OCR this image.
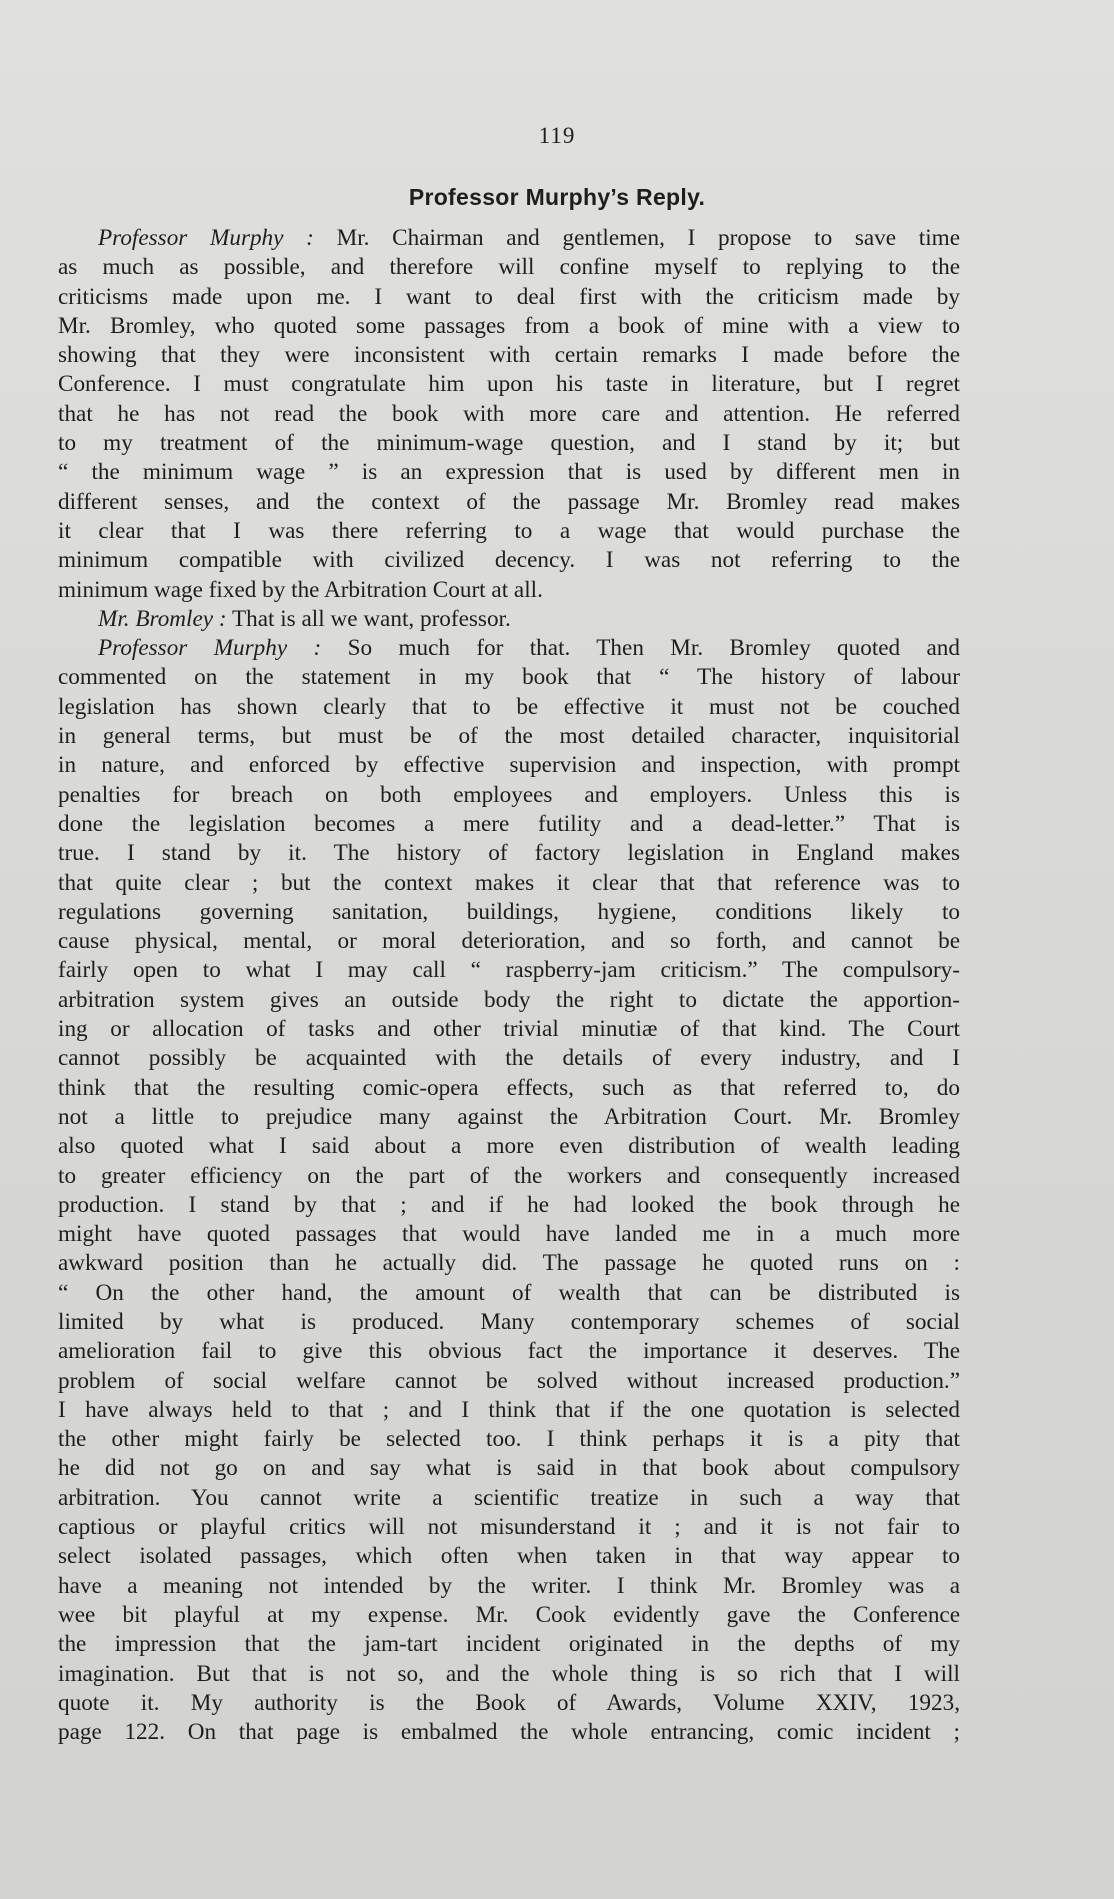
119
Professor Murphy’s Reply.
Professor Murphy : Mr. Chairman and gentlemen, I propose to save time
as much as possible, and therefore will confine myself to replying to the
criticisms made upon me. I want to deal first with the criticism made by
Mr. Bromley, who quoted some passages from a book of mine with a view to
showing that they were inconsistent with certain remarks I made before the
Conference. I must congratulate him upon his taste in literature, but I regret
that he has not read the book with more care and attention. He referred
to my treatment of the minimum-wage question, and I stand by it; but
“ the minimum wage ” is an expression that is used by different men in
different senses, and the context of the passage Mr. Bromley read makes
it clear that I was there referring to a wage that would purchase the
minimum compatible with civilized decency. I was not referring to the
minimum wage fixed by the Arbitration Court at all.
Mr. Bromley : That is all we want, professor.
Professor Murphy : So much for that. Then Mr. Bromley quoted and
commented on the statement in my book that “ The history of labour
legislation has shown clearly that to be effective it must not be couched
in general terms, but must be of the most detailed character, inquisitorial
in nature, and enforced by effective supervision and inspection, with prompt
penalties for breach on both employees and employers. Unless this is
done the legislation becomes a mere futility and a dead-letter.” That is
true. I stand by it. The history of factory legislation in England makes
that quite clear ; but the context makes it clear that that reference was to
regulations governing sanitation, buildings, hygiene, conditions likely to
cause physical, mental, or moral deterioration, and so forth, and cannot be
fairly open to what I may call “ raspberry-jam criticism.” The compulsory-
arbitration system gives an outside body the right to dictate the apportion-
ing or allocation of tasks and other trivial minutiæ of that kind. The Court
cannot possibly be acquainted with the details of every industry, and I
think that the resulting comic-opera effects, such as that referred to, do
not a little to prejudice many against the Arbitration Court. Mr. Bromley
also quoted what I said about a more even distribution of wealth leading
to greater efficiency on the part of the workers and consequently increased
production. I stand by that ; and if he had looked the book through he
might have quoted passages that would have landed me in a much more
awkward position than he actually did. The passage he quoted runs on :
“ On the other hand, the amount of wealth that can be distributed is
limited by what is produced. Many contemporary schemes of social
amelioration fail to give this obvious fact the importance it deserves. The
problem of social welfare cannot be solved without increased production.”
I have always held to that ; and I think that if the one quotation is selected
the other might fairly be selected too. I think perhaps it is a pity that
he did not go on and say what is said in that book about compulsory
arbitration. You cannot write a scientific treatize in such a way that
captious or playful critics will not misunderstand it ; and it is not fair to
select isolated passages, which often when taken in that way appear to
have a meaning not intended by the writer. I think Mr. Bromley was a
wee bit playful at my expense. Mr. Cook evidently gave the Conference
the impression that the jam-tart incident originated in the depths of my
imagination. But that is not so, and the whole thing is so rich that I will
quote it. My authority is the Book of Awards, Volume XXIV, 1923,
page 122. On that page is embalmed the whole entrancing, comic incident ;
